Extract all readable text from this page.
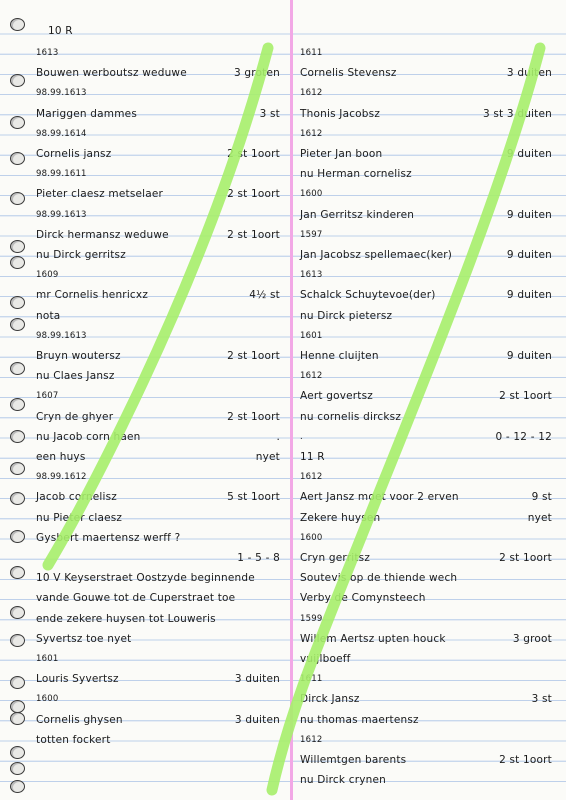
10 R
1613
Bouwen werboutsz weduwe	3 groten
98.99.1613
Mariggen dammes	3 st
98.99.1614
Cornelis jansz	2 st 1oort
98.99.1611
Pieter claesz metselaer	2 st 1oort
98.99.1613
Dirck hermansz weduwe	2 st 1oort
nu Dirck gerritsz
1609
mr Cornelis henricxz	4½ st
nota
98.99.1613
Bruyn woutersz	2 st 1oort
nu Claes Jansz
1607
Cryn de ghyer	2 st 1oort
nu Jacob corn haen	.
een huys	nyet
98.99.1612
Jacob cornelisz	5 st 1oort
nu Pieter claesz
Gysbert maertensz werff ?
1 - 5 - 8
10 V Keyserstraet Oostzyde beginnende
vande Gouwe tot de Cuperstraet toe
ende zekere huysen tot Louweris
Syvertsz toe nyet
1601
Louris Syvertsz	3 duiten
1600
Cornelis ghysen	3 duiten
totten fockert
1611
Cornelis Stevensz	3 duiten
1612
Thonis Jacobsz	3 st 3 duiten
1612
Pieter Jan boon	9 duiten
nu Herman cornelisz
1600
Jan Gerritsz kinderen	9 duiten
1597
Jan Jacobsz spellemaec(ker)	9 duiten
1613
Schalck Schuytevoe(der)	9 duiten
nu Dirck pietersz
1601
Henne cluijten	9 duiten
1612
Aert govertsz	2 st 1oort
nu cornelis dircksz
.	0 - 12 - 12
11 R
1612
Aert Jansz moet voor 2 erven	9 st
Zekere huysen	nyet
1600
Cryn gerritsz	2 st 1oort
Soutevis op de thiende wech
Verby de Comynsteech
1599
Willem Aertsz upten houck	3 groot
vuijlboeff
1611
Dirck Jansz	3 st
nu thomas maertensz
1612
Willemtgen barents	2 st 1oort
nu Dirck crynen
